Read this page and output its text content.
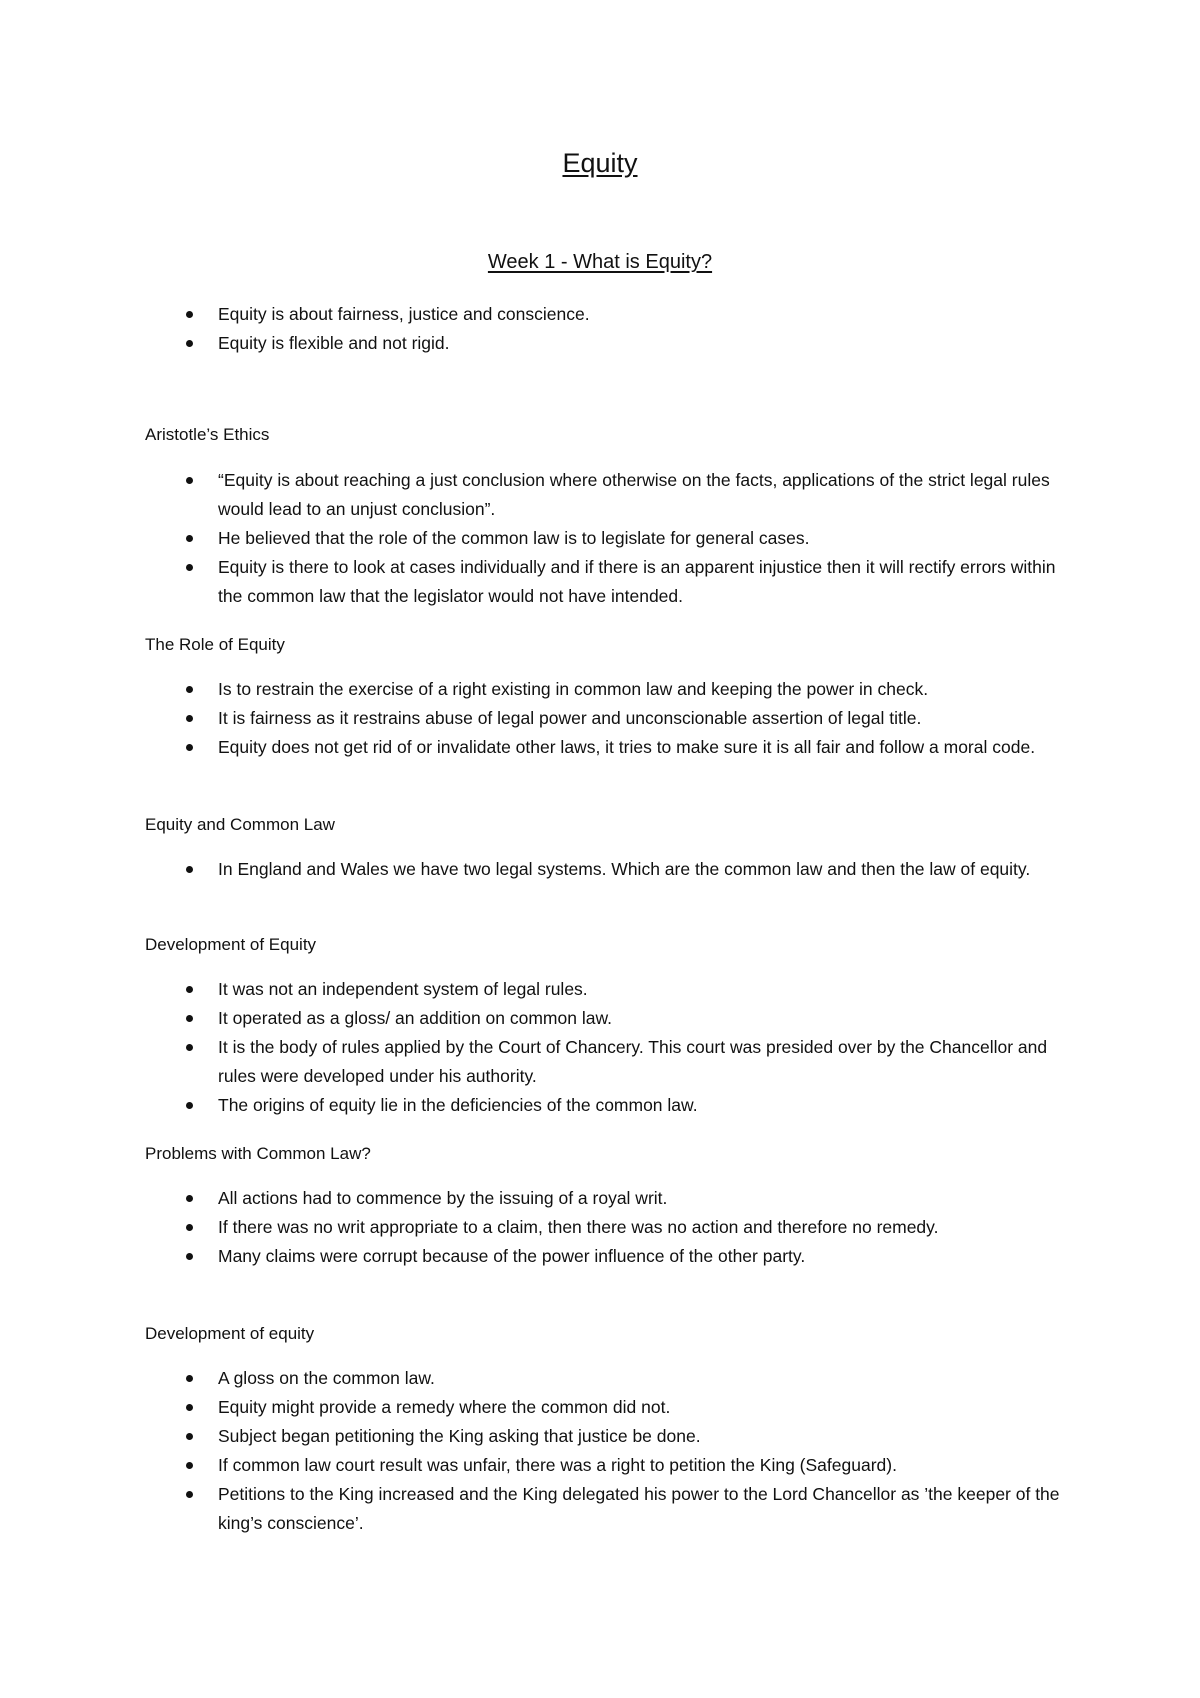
Equity
Week 1 - What is Equity?
Equity is about fairness, justice and conscience.
Equity is flexible and not rigid.

Aristotle’s Ethics

“Equity is about reaching a just conclusion where otherwise on the facts, applications of the strict legal rules would lead to an unjust conclusion”.
He believed that the role of the common law is to legislate for general cases.
Equity is there to look at cases individually and if there is an apparent injustice then it will rectify errors within the common law that the legislator would not have intended.

The Role of Equity

Is to restrain the exercise of a right existing in common law and keeping the power in check.
It is fairness as it restrains abuse of legal power and unconscionable assertion of legal title.
Equity does not get rid of or invalidate other laws, it tries to make sure it is all fair and follow a moral code.

Equity and Common Law

In England and Wales we have two legal systems. Which are the common law and then the law of equity.

Development of Equity

It was not an independent system of legal rules.
It operated as a gloss/ an addition on common law.
It is the body of rules applied by the Court of Chancery. This court was presided over by the Chancellor and rules were developed under his authority.
The origins of equity lie in the deficiencies of the common law.

Problems with Common Law?

All actions had to commence by the issuing of a royal writ.
If there was no writ appropriate to a claim, then there was no action and therefore no remedy.
Many claims were corrupt because of the power influence of the other party.

Development of equity

A gloss on the common law.
Equity might provide a remedy where the common did not.
Subject began petitioning the King asking that justice be done.
If common law court result was unfair, there was a right to petition the King (Safeguard).
Petitions to the King increased and the King delegated his power to the Lord Chancellor as ’the keeper of the king’s conscience’.
